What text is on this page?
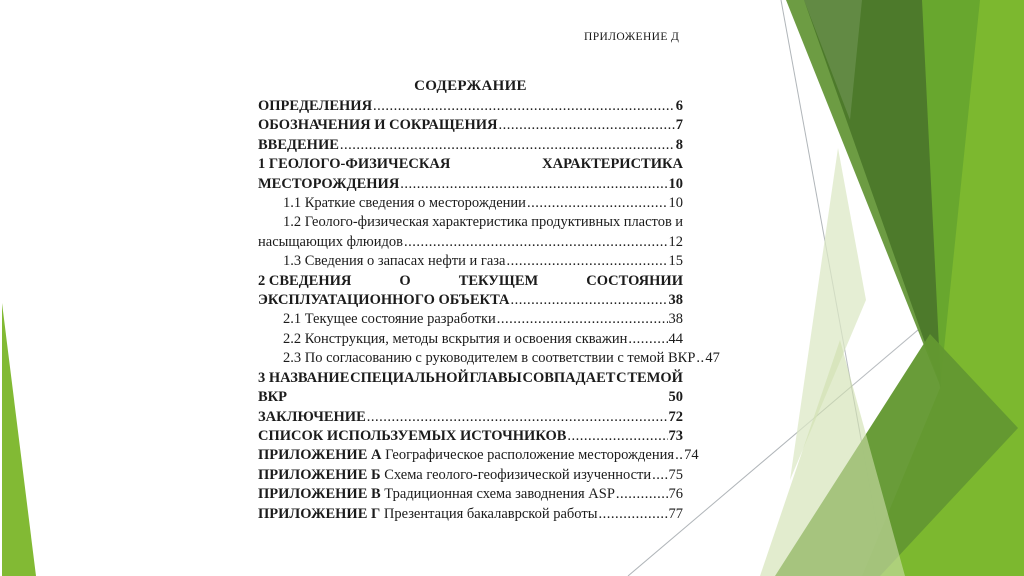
ПРИЛОЖЕНИЕ Д
СОДЕРЖАНИЕ
ОПРЕДЕЛЕНИЯ .....	6
ОБОЗНАЧЕНИЯ И СОКРАЩЕНИЯ .....	7
ВВЕДЕНИЕ .....	8
1 ГЕОЛОГО-ФИЗИЧЕСКАЯ	ХАРАКТЕРИСТИКА
МЕСТОРОЖДЕНИЯ .....	10
1.1 Краткие сведения о месторождении .....	10
1.2 Геолого-физическая характеристика продуктивных пластов и
насыщающих флюидов .....	12
1.3 Сведения о запасах нефти и газа .....	15
2 СВЕДЕНИЯ	О	ТЕКУЩЕМ	СОСТОЯНИИ
ЭКСПЛУАТАЦИОННОГО ОБЪЕКТА .....	38
2.1 Текущее состояние разработки .....	38
2.2 Конструкция, методы вскрытия и освоения скважин .....	44
2.3 По согласованию с руководителем в соответствии с темой ВКР ..... 47
3 НАЗВАНИЕ СПЕЦИАЛЬНОЙ ГЛАВЫ СОВПАДАЕТ С ТЕМОЙ
ВКР	50
ЗАКЛЮЧЕНИЕ .....	72
СПИСОК ИСПОЛЬЗУЕМЫХ ИСТОЧНИКОВ .....	73
ПРИЛОЖЕНИЕ А Географическое расположение месторождения ..... 74
ПРИЛОЖЕНИЕ Б Схема геолого-геофизической изученности ..... 75
ПРИЛОЖЕНИЕ В Традиционная схема заводнения ASP .....	76
ПРИЛОЖЕНИЕ Г Презентация бакалаврской работы .....	77
